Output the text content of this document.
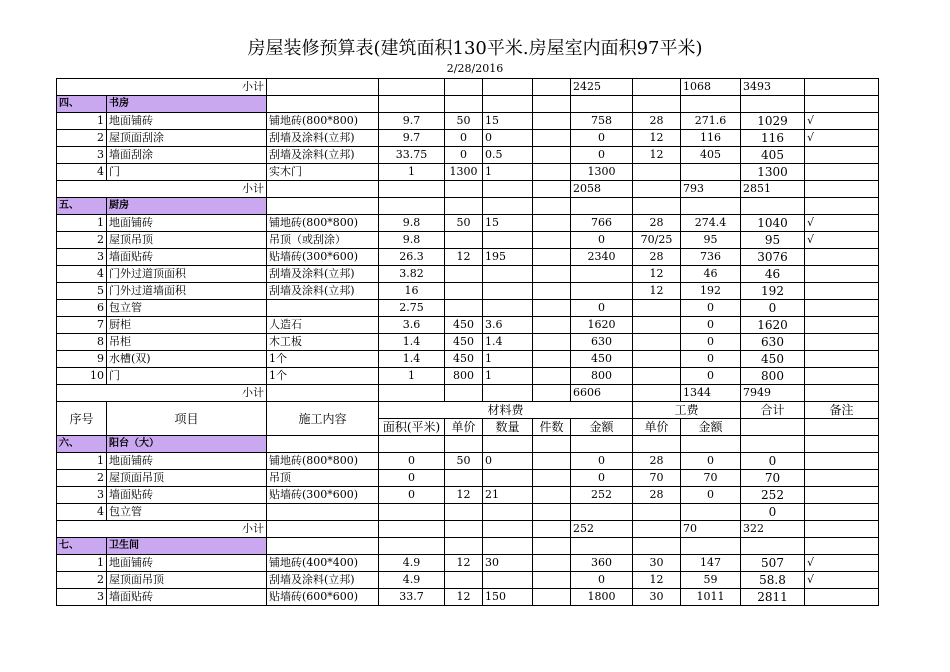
房屋装修预算表(建筑面积130平米.房屋室内面积97平米)
2/28/2016
小计							2425		1068	3493	
四、	书房										
1	地面铺砖	铺地砖(800*800)	9.7	50	15		758	28	271.6	1029	√
2	屋顶面刮涂	刮墙及涂料(立邦)	9.7	0	0		0	12	116	116	√
3	墙面刮涂	刮墙及涂料(立邦)	33.75	0	0.5		0	12	405	405	
4	门	实木门	1	1300	1		1300			1300	
小计							2058		793	2851	
五、	厨房										
1	地面铺砖	铺地砖(800*800)	9.8	50	15		766	28	274.4	1040	√
2	屋顶吊顶	吊顶（或刮涂）	9.8				0	70/25	95	95	√
3	墙面贴砖	贴墙砖(300*600)	26.3	12	195		2340	28	736	3076	
4	门外过道顶面积	刮墙及涂料(立邦)	3.82					12	46	46	
5	门外过道墙面积	刮墙及涂料(立邦)	16					12	192	192	
6	包立管		2.75				0		0	0	
7	厨柜	人造石	3.6	450	3.6		1620		0	1620	
8	吊柜	木工板	1.4	450	1.4		630		0	630	
9	水槽(双)	1个	1.4	450	1		450		0	450	
10	门	1个	1	800	1		800		0	800	
小计							6606		1344	7949	
序号	项目	施工内容	材料费					工费		合计	备注
			面积(平米)	单价	数量	件数	金额	单价	金额		
六、	阳台（大）										
1	地面铺砖	铺地砖(800*800)	0	50	0		0	28	0	0	
2	屋顶面吊顶	吊顶	0				0	70	70	70	
3	墙面贴砖	贴墙砖(300*600)	0	12	21		252	28	0	252	
4	包立管									0	
小计							252		70	322	
七、	卫生间										
1	地面铺砖	铺地砖(400*400)	4.9	12	30		360	30	147	507	√
2	屋顶面吊顶	刮墙及涂料(立邦)	4.9				0	12	59	58.8	√
3	墙面贴砖	贴墙砖(600*600)	33.7	12	150		1800	30	1011	2811	
